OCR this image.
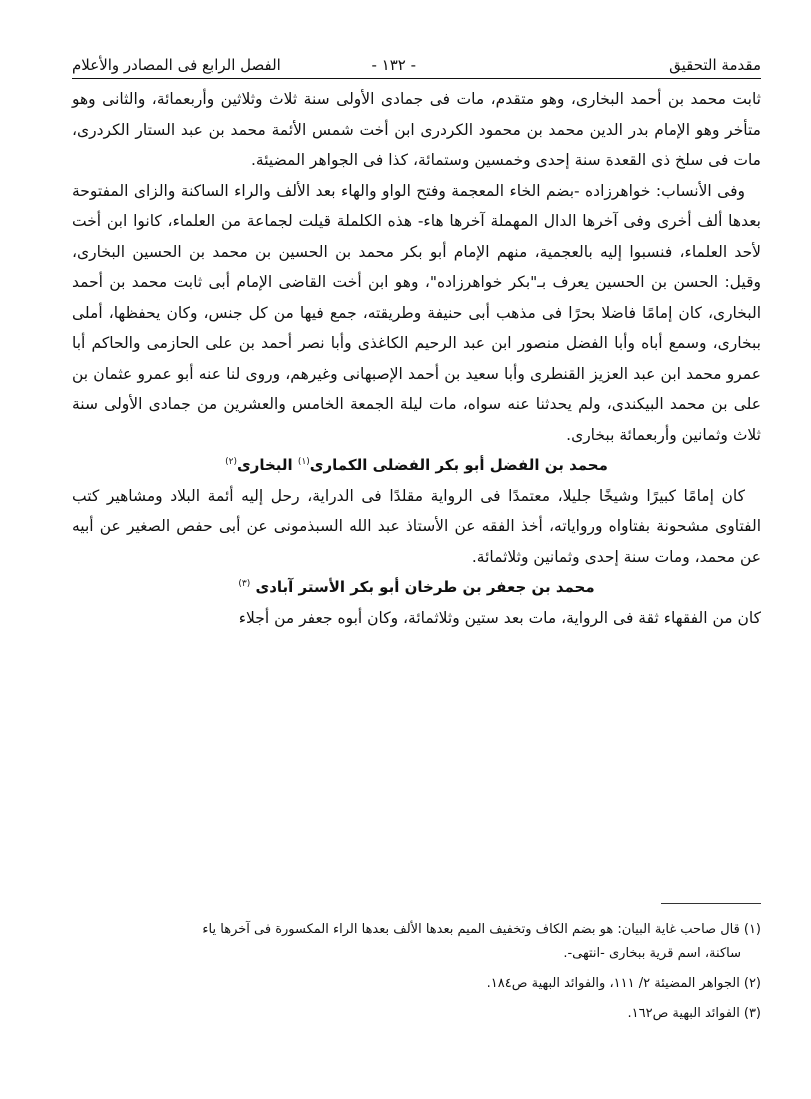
مقدمة التحقيق
- ١٣٢ -
الفصل الرابع فى المصادر والأعلام

ثابت محمد بن أحمد البخارى، وهو متقدم، مات فى جمادى الأولى سنة ثلاث وثلاثين وأربعمائة، والثانى وهو متأخر وهو الإمام بدر الدين محمد بن محمود الكردرى ابن أخت شمس الأئمة محمد بن عبد الستار الكردرى، مات فى سلخ ذى القعدة سنة إحدى وخمسين وستمائة، كذا فى الجواهر المضيئة.

وفى الأنساب: خواهرزاده -بضم الخاء المعجمة وفتح الواو والهاء بعد الألف والراء الساكنة والزاى المفتوحة بعدها ألف أخرى وفى آخرها الدال المهملة آخرها هاء- هذه الكلملة قيلت لجماعة من العلماء، كانوا ابن أخت لأحد العلماء، فنسبوا إليه بالعجمية، منهم الإمام أبو بكر محمد بن الحسين بن محمد بن الحسين البخارى، وقيل: الحسن بن الحسين يعرف بـ"بكر خواهرزاده"، وهو ابن أخت القاضى الإمام أبى ثابت محمد بن أحمد البخارى، كان إمامًا فاضلا بحرًا فى مذهب أبى حنيفة وطريقته، جمع فيها من كل جنس، وكان يحفظها، أملى ببخارى، وسمع أباه وأبا الفضل منصور ابن عبد الرحيم الكاغذى وأبا نصر أحمد بن على الحازمى والحاكم أبا عمرو محمد ابن عبد العزيز القنطرى وأبا سعيد بن أحمد الإصبهانى وغيرهم، وروى لنا عنه أبو عمرو عثمان بن على بن محمد البيكندى، ولم يحدثنا عنه سواه، مات ليلة الجمعة الخامس والعشرين من جمادى الأولى سنة ثلاث وثمانين وأربعمائة ببخارى.

محمد بن الفضل أبو بكر الفضلى الكمارى$^{(١)}$ البخارى$^{(٢)}$

كان إمامًا كبيرًا وشيخًا جليلا، معتمدًا فى الرواية مقلدًا فى الدراية، رحل إليه أئمة البلاد ومشاهير كتب الفتاوى مشحونة بفتاواه ورواياته، أخذ الفقه عن الأستاذ عبد الله السبذمونى عن أبى حفص الصغير عن أبيه عن محمد، ومات سنة إحدى وثمانين وثلاثمائة.

محمد بن جعفر بن طرخان أبو بكر الأستر آبادى $^{(٣)}$

كان من الفقهاء ثقة فى الرواية، مات بعد ستين وثلاثمائة، وكان أبوه جعفر من أجلاء

(١)قال صاحب غاية البيان: هو بضم الكاف وتخفيف الميم بعدها الألف بعدها الراء المكسورة فى آخرها ياء
ساكنة، اسم قرية ببخارى -انتهى-.

(٢)الجواهر المضيئة ٢/ ١١١، والفوائد البهية ص١٨٤.

(٣)الفوائد البهية ص١٦٢.
